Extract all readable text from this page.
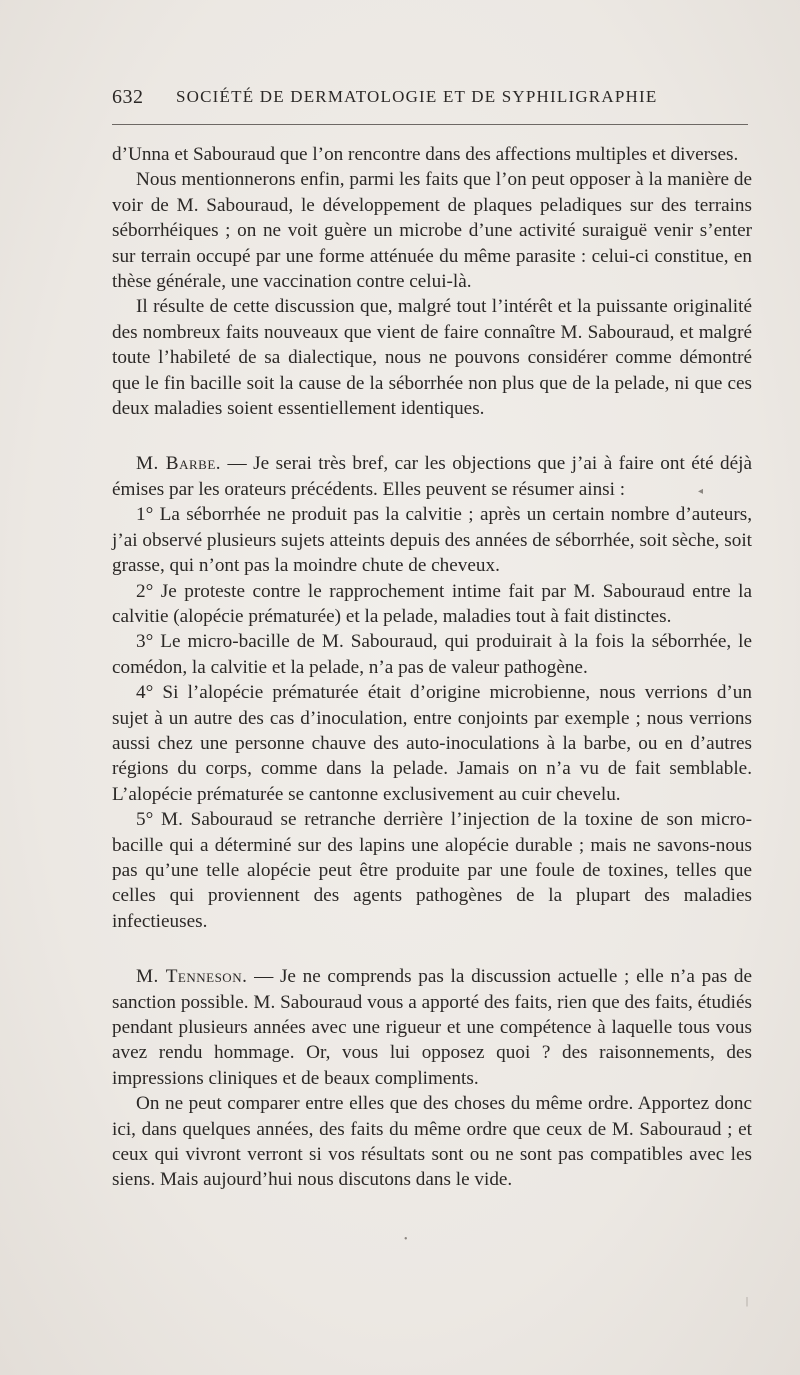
632 SOCIÉTÉ DE DERMATOLOGIE ET DE SYPHILIGRAPHIE

d’Unna et Sabouraud que l’on rencontre dans des affections multiples et diverses.

Nous mentionnerons enfin, parmi les faits que l’on peut opposer à la manière de voir de M. Sabouraud, le développement de plaques peladiques sur des terrains séborrhéiques ; on ne voit guère un microbe d’une activité suraiguë venir s’enter sur terrain occupé par une forme atténuée du même parasite : celui-ci constitue, en thèse générale, une vaccination contre celui-là.

Il résulte de cette discussion que, malgré tout l’intérêt et la puissante originalité des nombreux faits nouveaux que vient de faire connaître M. Sabouraud, et malgré toute l’habileté de sa dialectique, nous ne pouvons considérer comme démontré que le fin bacille soit la cause de la séborrhée non plus que de la pelade, ni que ces deux maladies soient essentiellement identiques.

M. Barbe. — Je serai très bref, car les objections que j’ai à faire ont été déjà émises par les orateurs précédents. Elles peuvent se résumer ainsi :

1° La séborrhée ne produit pas la calvitie ; après un certain nombre d’auteurs, j’ai observé plusieurs sujets atteints depuis des années de séborrhée, soit sèche, soit grasse, qui n’ont pas la moindre chute de cheveux.

2° Je proteste contre le rapprochement intime fait par M. Sabouraud entre la calvitie (alopécie prématurée) et la pelade, maladies tout à fait distinctes.

3° Le micro-bacille de M. Sabouraud, qui produirait à la fois la séborrhée, le comédon, la calvitie et la pelade, n’a pas de valeur pathogène.

4° Si l’alopécie prématurée était d’origine microbienne, nous verrions d’un sujet à un autre des cas d’inoculation, entre conjoints par exemple ; nous verrions aussi chez une personne chauve des auto-inoculations à la barbe, ou en d’autres régions du corps, comme dans la pelade. Jamais on n’a vu de fait semblable. L’alopécie prématurée se cantonne exclusivement au cuir chevelu.

5° M. Sabouraud se retranche derrière l’injection de la toxine de son micro-bacille qui a déterminé sur des lapins une alopécie durable ; mais ne savons-nous pas qu’une telle alopécie peut être produite par une foule de toxines, telles que celles qui proviennent des agents pathogènes de la plupart des maladies infectieuses.

M. Tenneson. — Je ne comprends pas la discussion actuelle ; elle n’a pas de sanction possible. M. Sabouraud vous a apporté des faits, rien que des faits, étudiés pendant plusieurs années avec une rigueur et une compétence à laquelle tous vous avez rendu hommage. Or, vous lui opposez quoi ? des raisonnements, des impressions cliniques et de beaux compliments.

On ne peut comparer entre elles que des choses du même ordre. Apportez donc ici, dans quelques années, des faits du même ordre que ceux de M. Sabouraud ; et ceux qui vivront verront si vos résultats sont ou ne sont pas compatibles avec les siens. Mais aujourd’hui nous discutons dans le vide.

◂
•
|
